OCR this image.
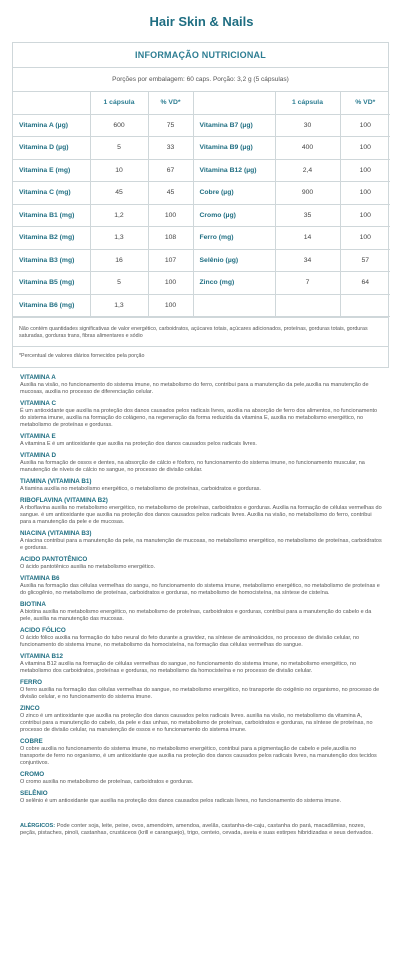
Hair Skin & Nails
INFORMAÇÃO NUTRICIONAL
Porções por embalagem: 60 caps. Porção: 3,2 g (5 cápsulas)
	1 cápsula	% VD*		1 cápsula	% VD*
Vitamina A (µg)	600	75	Vitamina B7 (µg)	30	100
Vitamina D (µg)	5	33	Vitamina B9 (µg)	400	100
Vitamina E (mg)	10	67	Vitamina B12 (µg)	2,4	100
Vitamina C (mg)	45	45	Cobre (µg)	900	100
Vitamina B1 (mg)	1,2	100	Cromo (µg)	35	100
Vitamina B2 (mg)	1,3	108	Ferro (mg)	14	100
Vitamina B3 (mg)	16	107	Selênio (µg)	34	57
Vitamina B5 (mg)	5	100	Zinco (mg)	7	64
Vitamina B6 (mg)	1,3	100			
Não contém quantidades significativas de valor energético, carboidratos, açúcares totais, açúcares adicionados, proteínas, gorduras totais, gorduras saturadas, gorduras trans, fibras alimentares e sódio
*Percentual de valores diários fornecidos pela porção
VITAMINA A
Auxilia na visão, no funcionamento do sistema imune, no metabolismo do ferro, contribui para a manutenção da pele,auxilia na manutenção de mucosas, auxilia no processo de diferenciação celular.
VITAMINA C
É um antioxidante que auxilia na proteção dos danos causados pelos radicais livres, auxilia na absorção de ferro dos alimentos, no funcionamento do sistema imune, auxilia na formação do colágeno, na regeneração da forma reduzida da vitamina E, auxilia no metabolismo energético, no metabolismo de proteínas e gorduras.
VITAMINA E
A vitamina E é um antioxidante que auxilia na proteção dos danos causados pelos radicais livres.
VITAMINA D
Auxilia na formação de ossos e dentes, na absorção de cálcio e fósforo, no funcionamento do sistema imune, no funcionamento muscular, na manutenção de níveis de cálcio no sangue, no processo de divisão celular.
TIAMINA (VITAMINA B1)
A tiamina auxilia no metabolismo energético, o metabolismo de proteínas, carboidratos e gorduras.
RIBOFLAVINA (VITAMINA B2)
A riboflavina auxilia no metabolismo energético, no metabolismo de proteínas, carboidratos e gorduras. Auxilia na formação de células vermelhas do sangue. é um antioxidante que auxilia na proteção dos danos causados pelos radicais livres. Auxilia na visão, no metabolismo do ferro, contribui para a manutenção da pele e de mucosas.
NIACINA (VITAMINA B3)
A niacina contribui para a manutenção da pele, na manutenção de mucosas, no metabolismo energético, no metabolismo de proteínas, carboidratos e gorduras.
ACIDO PANTOTÊNICO
O ácido pantotênico auxilia no metabolismo energético.
VITAMINA B6
Auxilia na formação das células vermelhas do sangu, no funcionamento do sistema imune, metabolismo energético, no metabolismo de proteínas e do glicogênio, no metabolismo de proteínas, carboidratos e gorduras, no metabolismo de homocisteína, na síntese de cisteína.
BIOTINA
A biotina auxilia no metabolismo energético, no metabolismo de proteínas, carboidratos e gorduras, contribui para a manutenção do cabelo e da pele, auxilia na manutenção das mucosas.
ACIDO FÓLICO
O ácido fólico auxilia na formação do tubo neural do feto durante a gravidez, na síntese de aminoácidos, no processo de divisão celular, no funcionamento do sistema imune, no metabolismo da homocisteína, na formação das células vermelhas do sangue.
VITAMINA B12
A vitamina B12 auxilia na formação de células vermelhas do sangue, no funcionamento do sistema imune, no metabolismo energético, no metabolismo dos carboidratos, proteínas e gorduras, no metabolismo da homocisteína e no processo de divisão celular.
FERRO
O ferro auxilia na formação das células vermelhas do sangue, no metabolismo energético, no transporte do oxigênio no organismo, no processo de divisão celular, e no funcionamento do sistema imune.
ZINCO
O zinco é um antioxidante que auxilia na proteção dos danos causados pelos radicais livres. auxilia na visão, no metabolismo da vitamina A, contribui para a manutenção do cabelo, da pele e das unhas, no metabolismo de proteínas, carboidratos e gorduras, na síntese de proteínas, no processo de divisão celular, na manutenção de ossos e no funcionamento do sistema imune.
COBRE
O cobre auxilia no funcionamento do sistema imune, no metabolismo energético, contribui para a pigmentação de cabelo e pele,auxilia no transporte de ferro no organismo, é um antioxidante que auxilia na proteção dos danos causados pelos radicais livres, na manutenção dos tecidos conjuntivos.
CROMO
O cromo auxilia no metabolismo de proteínas, carboidratos e gorduras.
SELÊNIO
O selênio é um antioxidante que auxilia na proteção dos danos causados pelos radicais livres, no funcionamento do sistema imune.
ALÉRGICOS: Pode conter soja, leite, peixe, ovos, amendoim, amendoa, avelãs, castanha-de-caju, castanha do pará, macadâmias, nozes, peçãs, pistaches, pinoli, castanhas, crustáceos (krill e caranguejo), trigo, centeio, cevada, aveia e suas estirpes hibridizadas e seus derivados.
